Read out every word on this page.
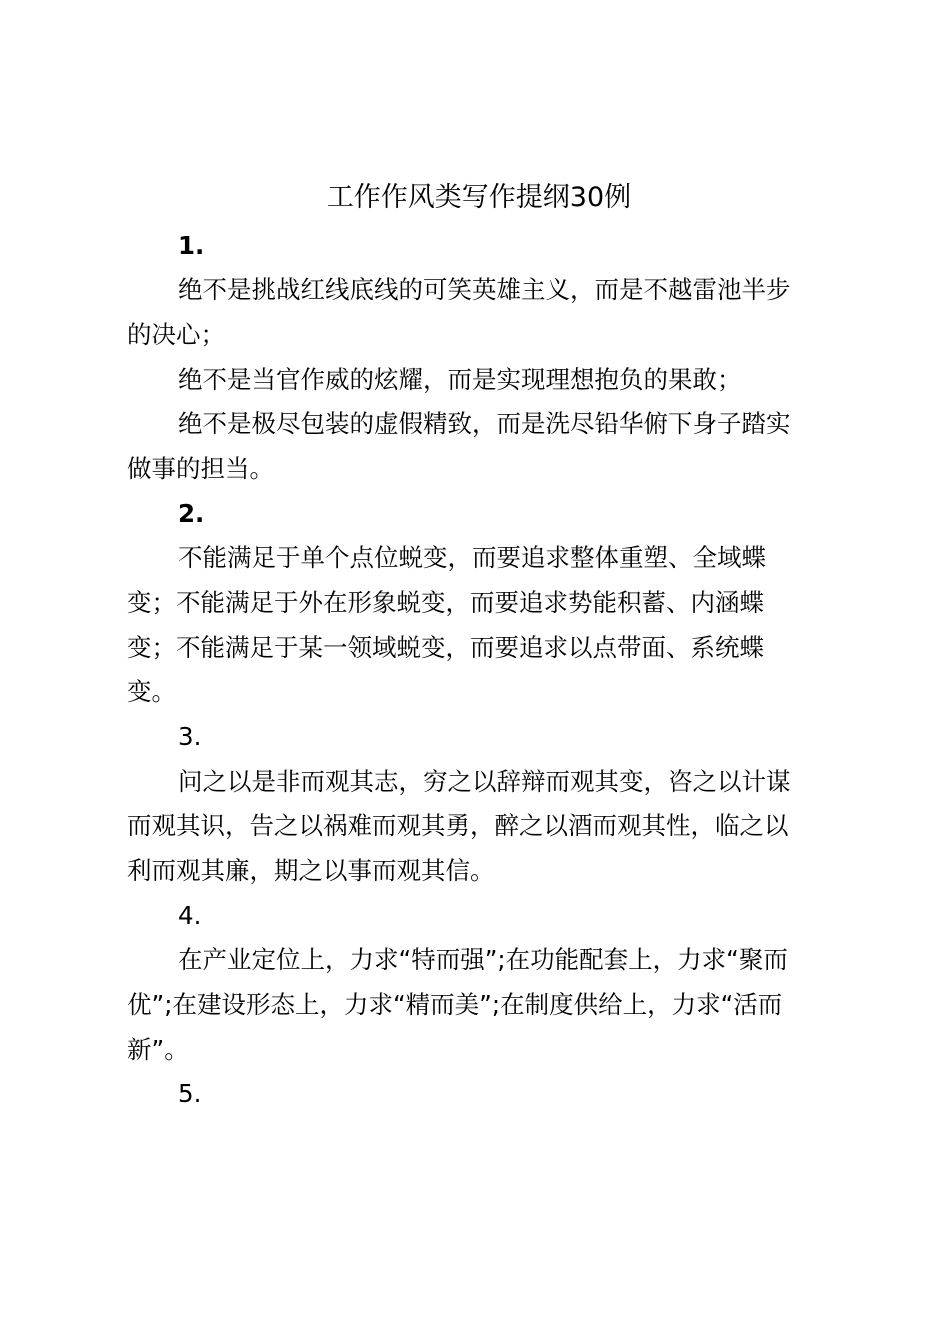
工作作风类写作提纲30例
1.
绝不是挑战红线底线的可笑英雄主义，而是不越雷池半步
的决心；
绝不是当官作威的炫耀，而是实现理想抱负的果敢；
绝不是极尽包装的虚假精致，而是洗尽铅华俯下身子踏实
做事的担当。
2.
不能满足于单个点位蜕变，而要追求整体重塑、全域蝶
变；不能满足于外在形象蜕变，而要追求势能积蓄、内涵蝶
变；不能满足于某一领域蜕变，而要追求以点带面、系统蝶
变。
3.
问之以是非而观其志，穷之以辞辩而观其变，咨之以计谋
而观其识，告之以祸难而观其勇，醉之以酒而观其性，临之以
利而观其廉，期之以事而观其信。
4.
在产业定位上，力求“特而强”;在功能配套上，力求“聚而
优”;在建设形态上，力求“精而美”;在制度供给上，力求“活而
新”。
5.
